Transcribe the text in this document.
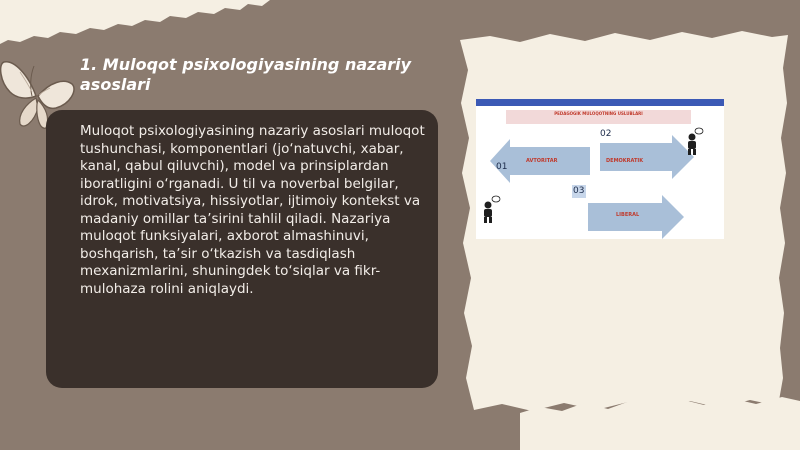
1. Muloqot psixologiyasining nazariy asoslari
Muloqot psixologiyasining nazariy asoslari muloqot tushunchasi, komponentlari (jo‘natuvchi, xabar, kanal, qabul qiluvchi), model va prinsiplardan iboratligini o‘rganadi. U til va noverbal belgilar, idrok, motivatsiya, hissiyotlar, ijtimoiy kontekst va madaniy omillar ta’sirini tahlil qiladi. Nazariya muloqot funksiyalari, axborot almashinuvi, boshqarish, ta’sir o‘tkazish va tasdiqlash mexanizmlarini, shuningdek to‘siqlar va fikr-mulohaza rolini aniqlaydi.
PEDAGOGIK MULOQOTNING USLUBLARI
01
02
03
AVTORITAR	DEMOKRATIK
LIBERAL
